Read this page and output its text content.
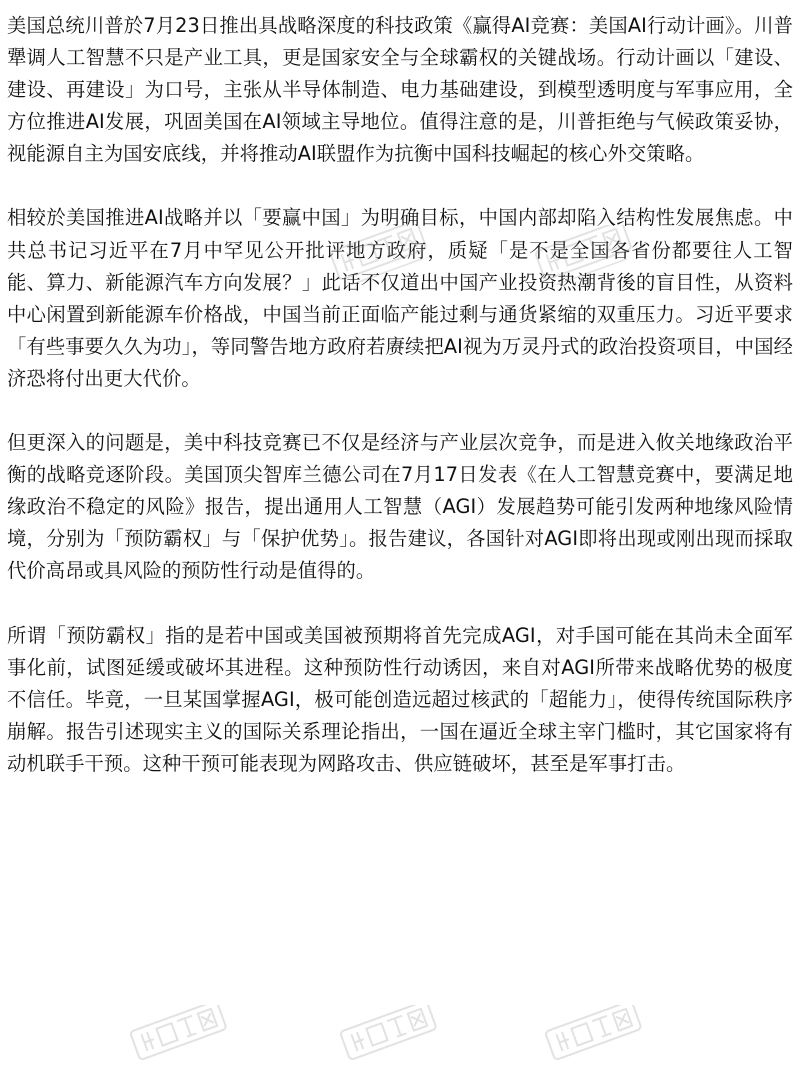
美国总统川普於7月23日推出具战略深度的科技政策《赢得AI竞赛：美国AI行动计画》。川普犟调人工智慧不只是产业工具，更是国家安全与全球霸权的关键战场。行动计画以「建设、建设、再建设」为口号，主张从半导体制造、电力基础建设，到模型透明度与军事应用，全方位推进AI发展，巩固美国在AI领域主导地位。值得注意的是，川普拒绝与气候政策妥协，视能源自主为国安底线，并将推动AI联盟作为抗衡中国科技崛起的核心外交策略。

相较於美国推进AI战略并以「要赢中国」为明确目标，中国内部却陷入结构性发展焦虑。中共总书记习近平在7月中罕见公开批评地方政府，质疑「是不是全国各省份都要往人工智能、算力、新能源汽车方向发展？」此话不仅道出中国产业投资热潮背後的盲目性，从资料中心闲置到新能源车价格战，中国当前正面临产能过剩与通货紧缩的双重压力。习近平要求「有些事要久久为功」，等同警告地方政府若赓续把AI视为万灵丹式的政治投资项目，中国经济恐将付出更大代价。

但更深入的问题是，美中科技竞赛已不仅是经济与产业层次竞争，而是进入攸关地缘政治平衡的战略竞逐阶段。美国顶尖智库兰德公司在7月17日发表《在人工智慧竞赛中，要满足地缘政治不稳定的风险》报告，提出通用人工智慧（AGI）发展趋势可能引发两种地缘风险情境，分别为「预防霸权」与「保护优势」。报告建议，各国针对AGI即将出现或刚出现而採取代价高昂或具风险的预防性行动是值得的。

所谓「预防霸权」指的是若中国或美国被预期将首先完成AGI，对手国可能在其尚未全面军事化前，试图延缓或破坏其进程。这种预防性行动诱因，来自对AGI所带来战略优势的极度不信任。毕竟，一旦某国掌握AGI，极可能创造远超过核武的「超能力」，使得传统国际秩序崩解。报告引述现实主义的国际关系理论指出，一国在逼近全球主宰门槛时，其它国家将有动机联手干预。这种干预可能表现为网路攻击、供应链破坏，甚至是军事打击。
